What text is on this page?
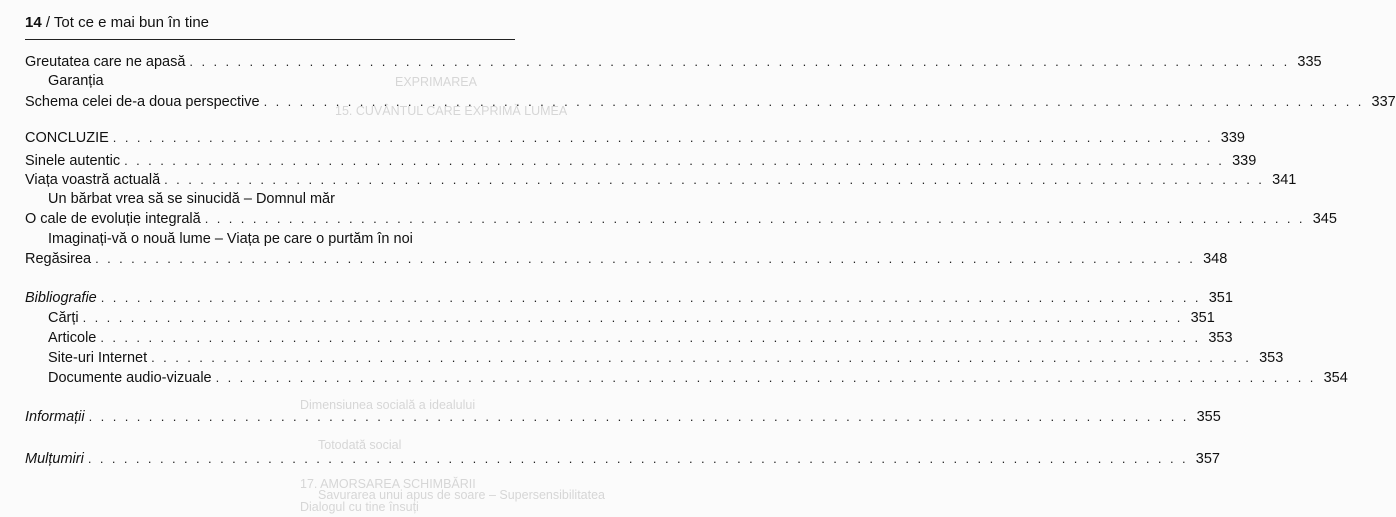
EXPRIMAREA
15. CUVÂNTUL CARE EXPRIMĂ LUMEA
Dimensiunea socială a idealului
Totodată social
17. AMORSAREA SCHIMBĂRII
Dialogul cu tine însuți
Savurarea unui apus de soare – Supersensibilitatea
14 / Tot ce e mai bun în tine
Greutatea care ne apasă . . .	335
Garanția
Schema celei de-a doua perspective . . .	337
CONCLUZIE . . .	339
Sinele autentic . . .	339
Viața voastră actuală . . .	341
Un bărbat vrea să se sinucidă – Domnul măr
O cale de evoluție integrală . . .	345
Imaginați-vă o nouă lume – Viața pe care o purtăm în noi
Regăsirea . . .	348
Bibliografie . . .	351
Cărți . . .	351
Articole . . .	353
Site-uri Internet . . .	353
Documente audio-vizuale . . .	354
Informații . . .	355
Mulțumiri . . .	357
